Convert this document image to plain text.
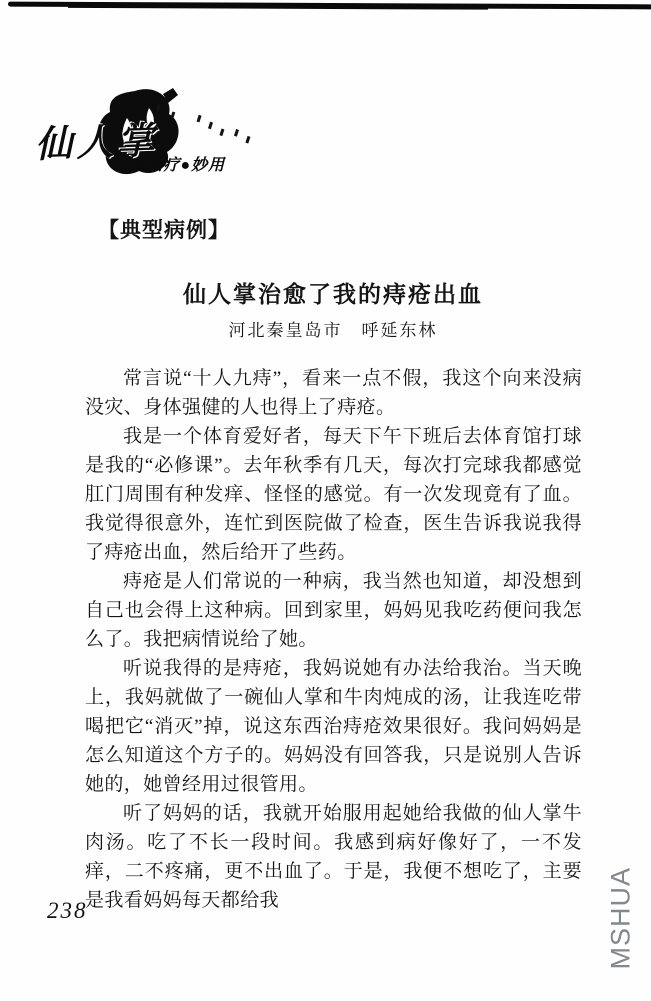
仙人掌
m治疗●妙用
【典型病例】
仙人掌治愈了我的痔疮出血
河北秦皇岛市　呼延东林

常言说“十人九痔”，看来一点不假，我这个向来没病没灾、身体强健的人也得上了痔疮。

我是一个体育爱好者，每天下午下班后去体育馆打球是我的“必修课”。去年秋季有几天，每次打完球我都感觉肛门周围有种发痒、怪怪的感觉。有一次发现竟有了血。我觉得很意外，连忙到医院做了检查，医生告诉我说我得了痔疮出血，然后给开了些药。

痔疮是人们常说的一种病，我当然也知道，却没想到自己也会得上这种病。回到家里，妈妈见我吃药便问我怎么了。我把病情说给了她。

听说我得的是痔疮，我妈说她有办法给我治。当天晚上，我妈就做了一碗仙人掌和牛肉炖成的汤，让我连吃带喝把它“消灭”掉，说这东西治痔疮效果很好。我问妈妈是怎么知道这个方子的。妈妈没有回答我，只是说别人告诉她的，她曾经用过很管用。

听了妈妈的话，我就开始服用起她给我做的仙人掌牛肉汤。吃了不长一段时间。我感到病好像好了，一不发痒，二不疼痛，更不出血了。于是，我便不想吃了，主要是我看妈妈每天都给我

238	MSHUA
